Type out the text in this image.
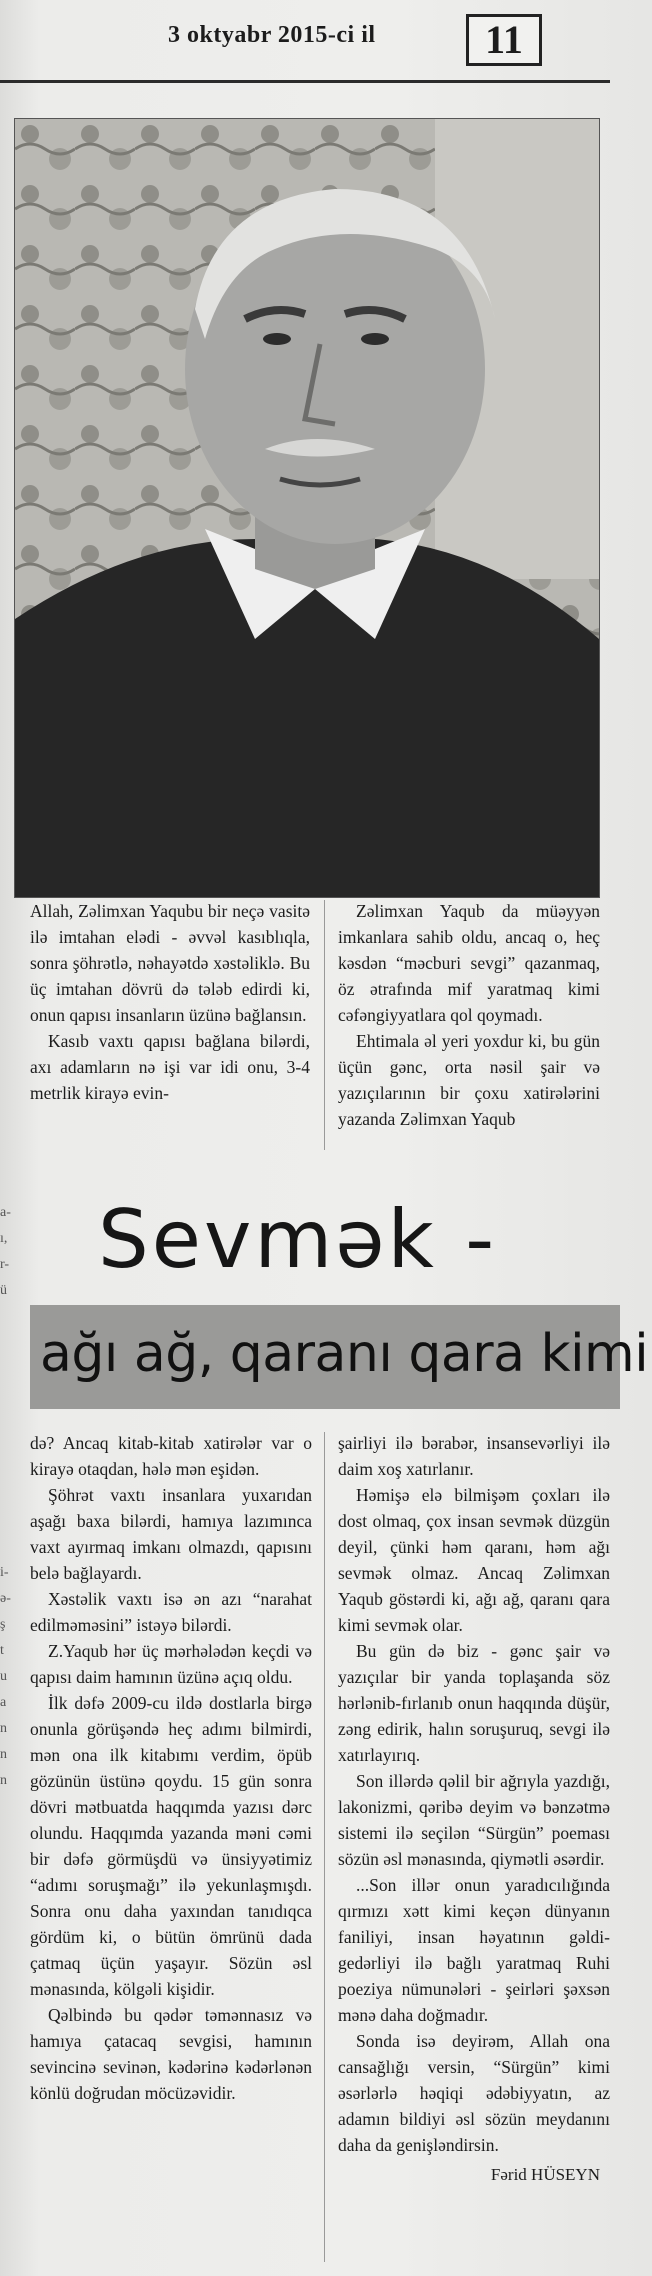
3 oktyabr 2015-ci il	11

Allah, Zəlimxan Yaqubu bir neçə vasitə ilə imtahan elədi - əvvəl kasıblıqla, sonra şöhrətlə, nəhayətdə xəstəliklə. Bu üç imtahan dövrü də tələb edirdi ki, onun qapısı insanların üzünə bağlansın.

Kasıb vaxtı qapısı bağlana bilərdi, axı adamların nə işi var idi onu, 3-4 metrlik kirayə evin-

Zəlimxan Yaqub da müəyyən imkanlara sahib oldu, ancaq o, heç kəsdən “məcburi sevgi” qazanmaq, öz ətrafında mif yaratmaq kimi cəfəngiyyatlara qol qoymadı.

Ehtimala əl yeri yoxdur ki, bu gün üçün gənc, orta nəsil şair və yazıçılarının bir çoxu xatirələrini yazanda Zəlimxan Yaqub

Sevmək -
ağı ağ, qaranı qara kimi

də? Ancaq kitab-kitab xatirələr var o kirayə otaqdan, hələ mən eşidən.

Şöhrət vaxtı insanlara yuxarıdan aşağı baxa bilərdi, hamıya lazımınca vaxt ayırmaq imkanı olmazdı, qapısını belə bağlayardı.

Xəstəlik vaxtı isə ən azı “narahat edilməməsini” istəyə bilərdi.

Z.Yaqub hər üç mərhələdən keçdi və qapısı daim hamının üzünə açıq oldu.

İlk dəfə 2009-cu ildə dostlarla birgə onunla görüşəndə heç adımı bilmirdi, mən ona ilk kitabımı verdim, öpüb gözünün üstünə qoydu. 15 gün sonra dövri mətbuatda haqqımda yazısı dərc olundu. Haqqımda yazanda məni cəmi bir dəfə görmüşdü və ünsiyyətimiz “adımı soruşmağı” ilə yekunlaşmışdı. Sonra onu daha yaxından tanıdıqca gördüm ki, o bütün ömrünü dada çatmaq üçün yaşayır. Sözün əsl mənasında, kölgəli kişidir.

Qəlbində bu qədər təmənnasız və hamıya çatacaq sevgisi, hamının sevincinə sevinən, kədərinə kədərlənən könlü doğrudan möcüzəvidir.

şairliyi ilə bərabər, insansevərliyi ilə daim xoş xatırlanır.

Həmişə elə bilmişəm çoxları ilə dost olmaq, çox insan sevmək düzgün deyil, çünki həm qaranı, həm ağı sevmək olmaz. Ancaq Zəlimxan Yaqub göstərdi ki, ağı ağ, qaranı qara kimi sevmək olar.

Bu gün də biz - gənc şair və yazıçılar bir yanda toplaşanda söz hərlənib-fırlanıb onun haqqında düşür, zəng edirik, halın soruşuruq, sevgi ilə xatırlayırıq.

Son illərdə qəlil bir ağrıyla yazdığı, lakonizmi, qəribə deyim və bənzətmə sistemi ilə seçilən “Sürgün” poeması sözün əsl mənasında, qiymətli əsərdir.

...Son illər onun yaradıcılığında qırmızı xətt kimi keçən dünyanın faniliyi, insan həyatının gəldi-gedərliyi ilə bağlı yaratmaq Ruhi poeziya nümunələri - şeirləri şəxsən mənə daha doğmadır.

Sonda isə deyirəm, Allah ona cansağlığı versin, “Sürgün” kimi əsərlərlə həqiqi ədəbiyyatın, az adamın bildiyi əsl sözün meydanını daha da genişləndirsin.

Fərid HÜSEYN
a-
ı,
r-
ü
i-
ə-
ş
t
u
a
n
n
n
